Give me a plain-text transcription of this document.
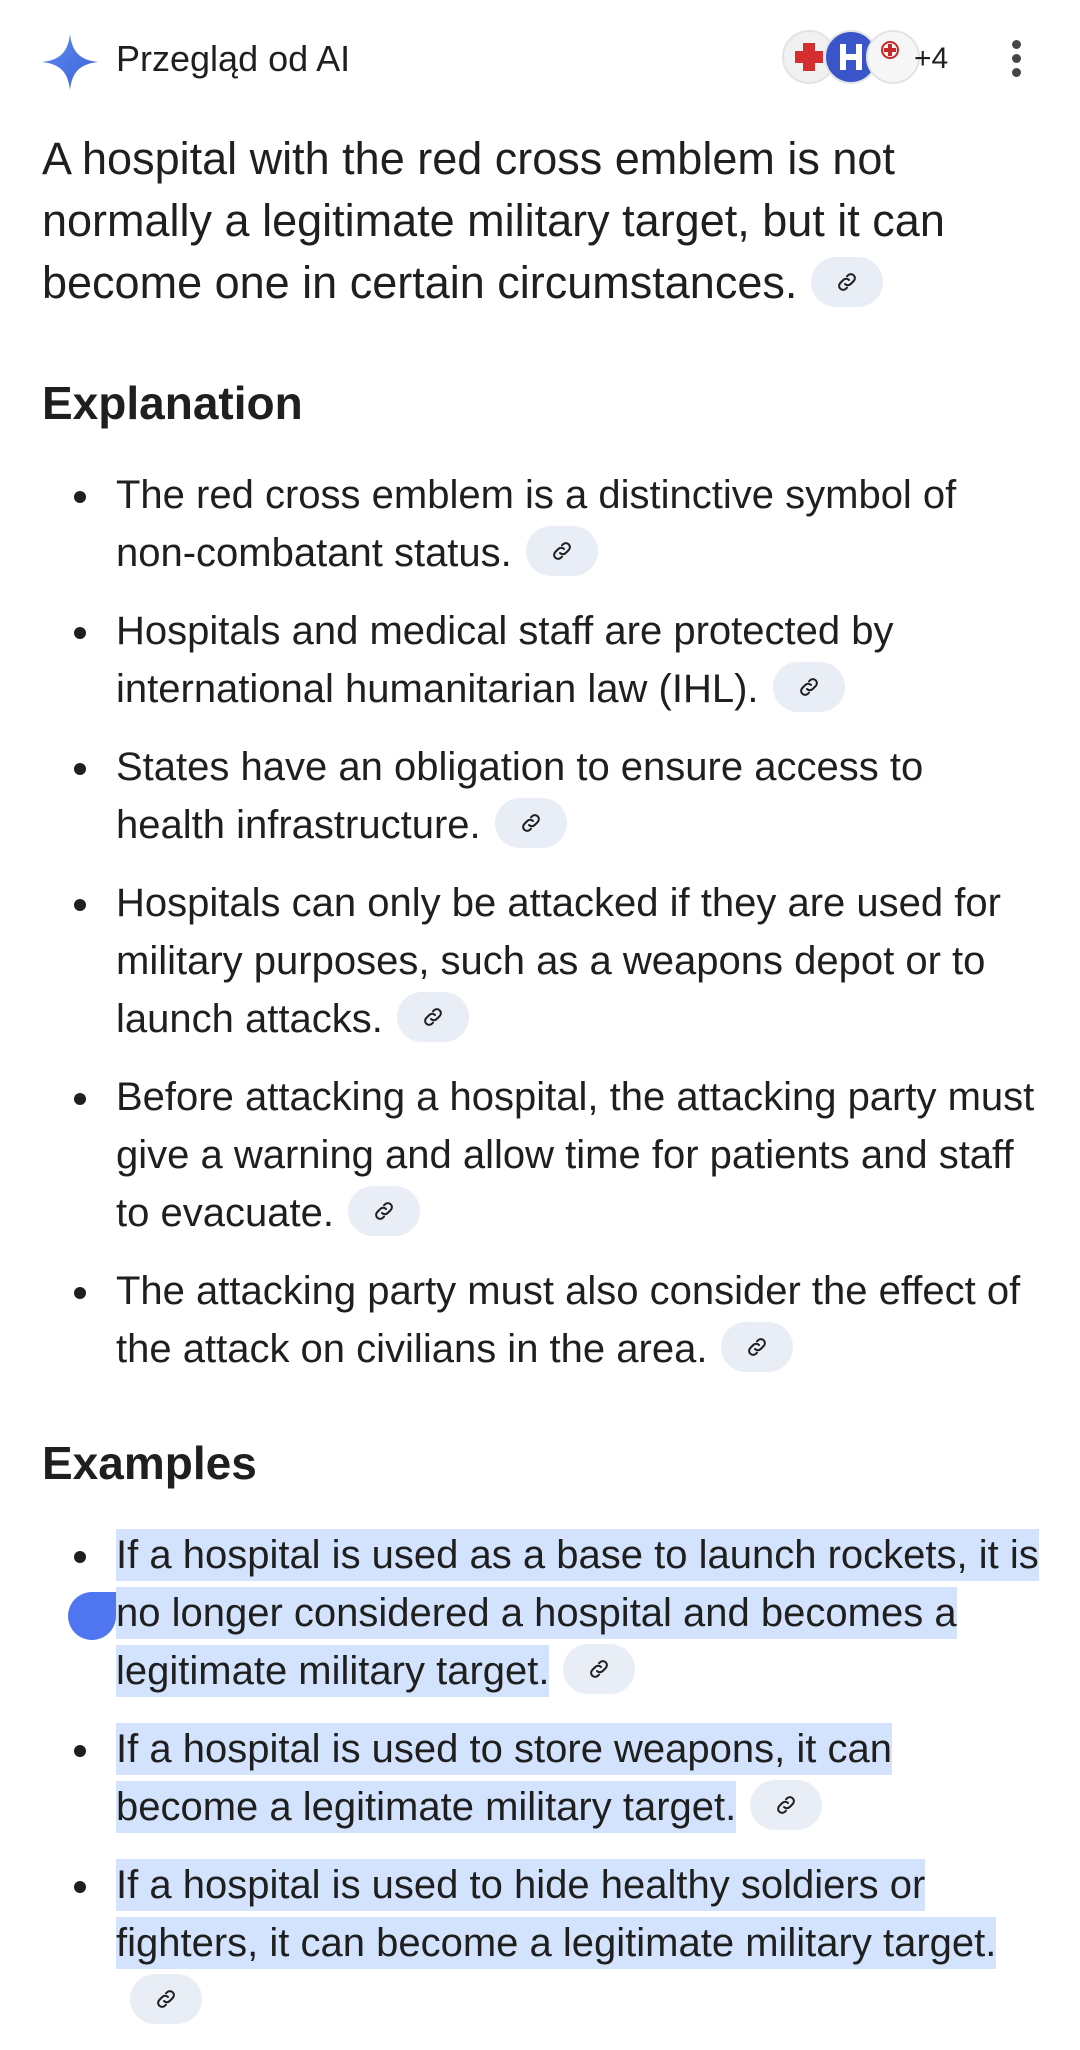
Przegląd od AI	+4
A hospital with the red cross emblem is not normally a legitimate military target, but it can become one in certain circumstances.
Explanation
The red cross emblem is a distinctive symbol of non-combatant status.
Hospitals and medical staff are protected by international humanitarian law (IHL).
States have an obligation to ensure access to health infrastructure.
Hospitals can only be attacked if they are used for military purposes, such as a weapons depot or to launch attacks.
Before attacking a hospital, the attacking party must give a warning and allow time for patients and staff to evacuate.
The attacking party must also consider the effect of the attack on civilians in the area.
Examples
If a hospital is used as a base to launch rockets, it is no longer considered a hospital and becomes a legitimate military target.
If a hospital is used to store weapons, it can become a legitimate military target.
If a hospital is used to hide healthy soldiers or fighters, it can become a legitimate military target.
